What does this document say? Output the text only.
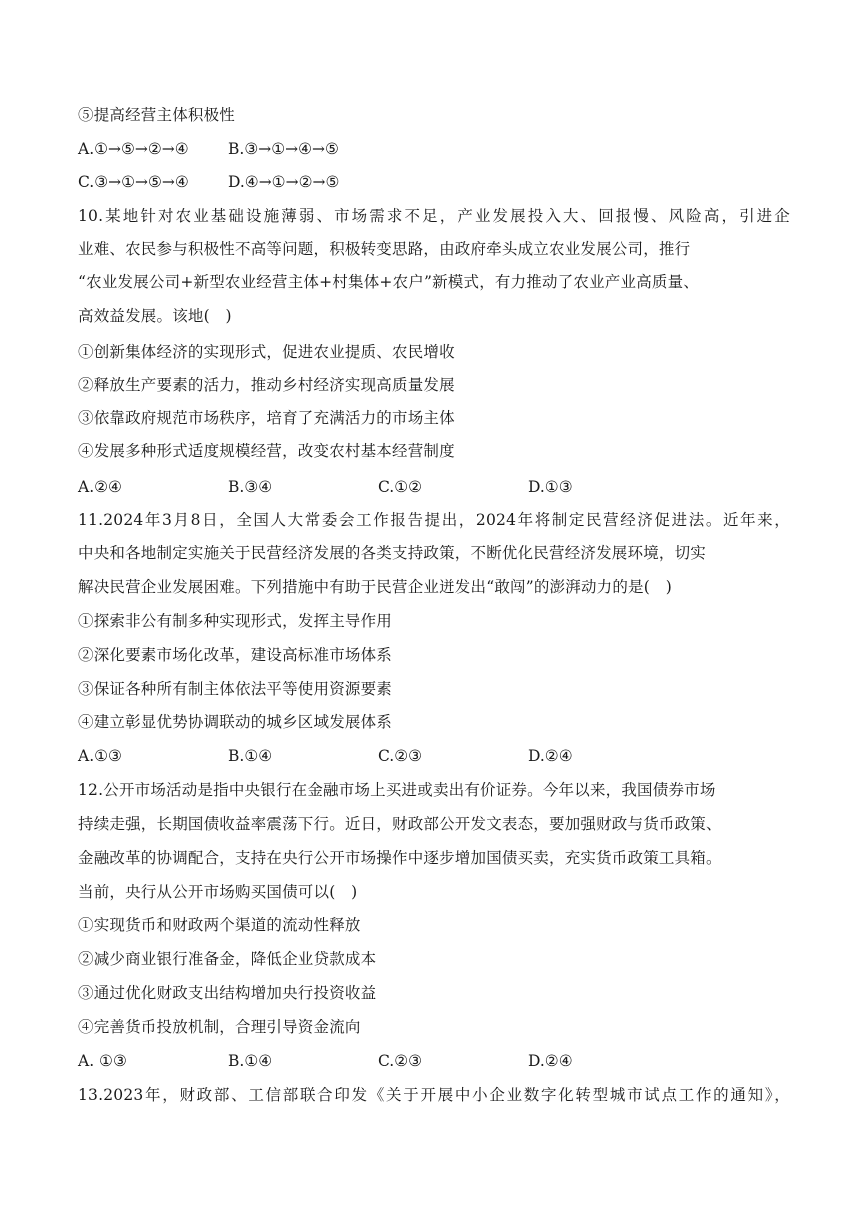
⑤提高经营主体积极性
A.①→⑤→②→④	B.③→①→④→⑤
C.③→①→⑤→④	D.④→①→②→⑤
10.某地针对农业基础设施薄弱、市场需求不足，产业发展投入大、回报慢、风险高，引进企
业难、农民参与积极性不高等问题，积极转变思路，由政府牵头成立农业发展公司，推行
“农业发展公司+新型农业经营主体+村集体+农户”新模式，有力推动了农业产业高质量、
高效益发展。该地(　)
①创新集体经济的实现形式，促进农业提质、农民增收
②释放生产要素的活力，推动乡村经济实现高质量发展
③依靠政府规范市场秩序，培育了充满活力的市场主体
④发展多种形式适度规模经营，改变农村基本经营制度
A.②④	B.③④	C.①②	D.①③
11.2024年3月8日，全国人大常委会工作报告提出，2024年将制定民营经济促进法。近年来，
中央和各地制定实施关于民营经济发展的各类支持政策，不断优化民营经济发展环境，切实
解决民营企业发展困难。下列措施中有助于民营企业迸发出“敢闯”的澎湃动力的是(　)
①探索非公有制多种实现形式，发挥主导作用
②深化要素市场化改革，建设高标准市场体系
③保证各种所有制主体依法平等使用资源要素
④建立彰显优势协调联动的城乡区域发展体系
A.①③	B.①④	C.②③	D.②④
12.公开市场活动是指中央银行在金融市场上买进或卖出有价证券。今年以来，我国债券市场
持续走强，长期国债收益率震荡下行。近日，财政部公开发文表态，要加强财政与货币政策、
金融改革的协调配合，支持在央行公开市场操作中逐步增加国债买卖，充实货币政策工具箱。
当前，央行从公开市场购买国债可以(　)
①实现货币和财政两个渠道的流动性释放
②减少商业银行准备金，降低企业贷款成本
③通过优化财政支出结构增加央行投资收益
④完善货币投放机制，合理引导资金流向
A. ①③	B.①④	C.②③	D.②④
13.2023年，财政部、工信部联合印发《关于开展中小企业数字化转型城市试点工作的通知》，
